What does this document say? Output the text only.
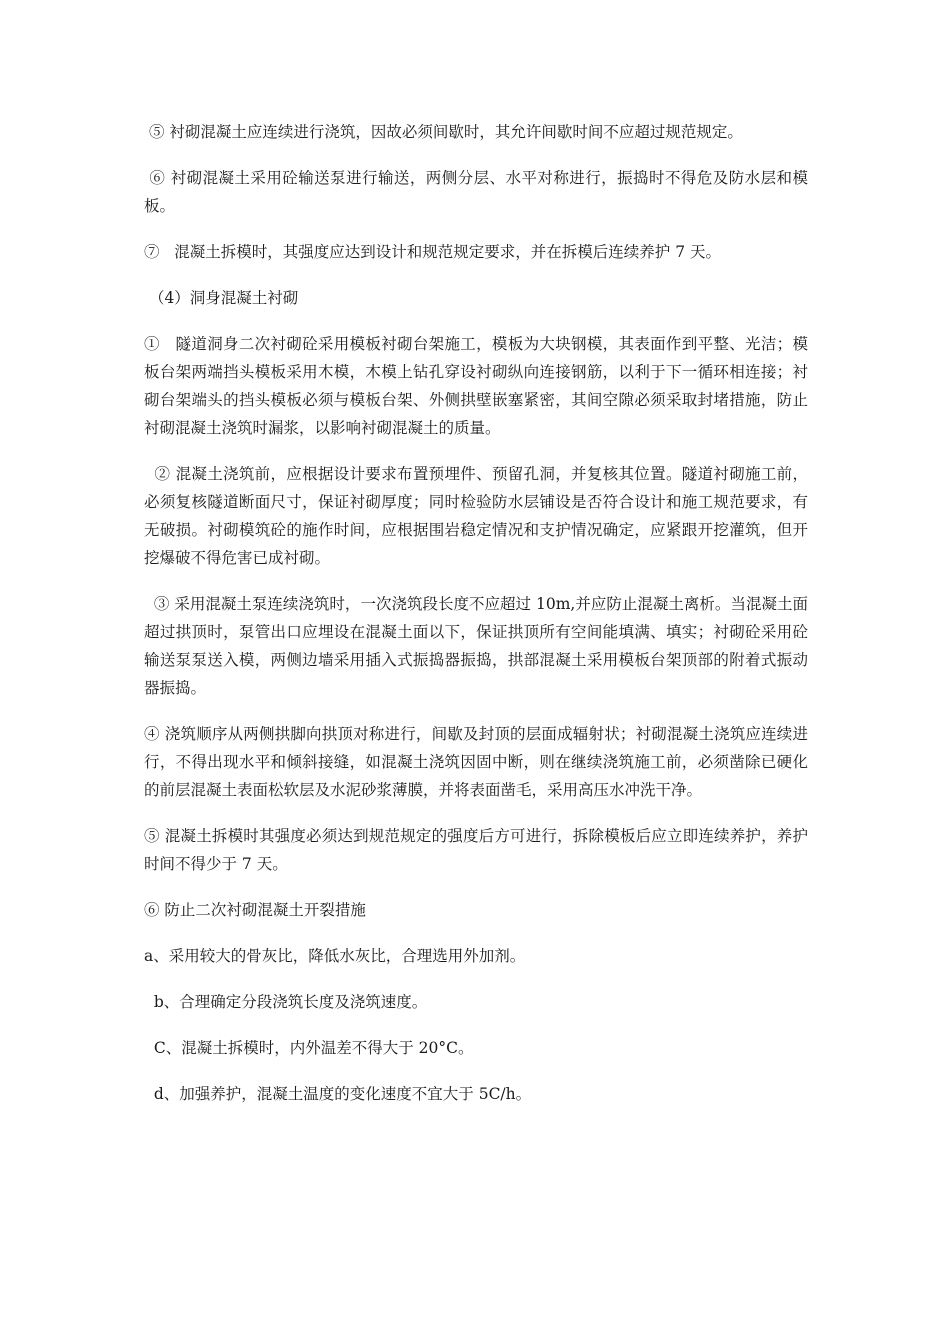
⑤ 衬砌混凝土应连续进行浇筑，因故必须间歇时，其允许间歇时间不应超过规范规定。

⑥ 衬砌混凝土采用砼输送泵进行输送，两侧分层、水平对称进行，振捣时不得危及防水层和模板。

⑦   混凝土拆模时，其强度应达到设计和规范规定要求，并在拆模后连续养护 7 天。

（4）洞身混凝土衬砌

①   隧道洞身二次衬砌砼采用模板衬砌台架施工，模板为大块钢模，其表面作到平整、光洁；模板台架两端挡头模板采用木模，木模上钻孔穿设衬砌纵向连接钢筋，以利于下一循环相连接；衬砌台架端头的挡头模板必须与模板台架、外侧拱壁嵌塞紧密，其间空隙必须采取封堵措施，防止衬砌混凝土浇筑时漏浆，以影响衬砌混凝土的质量。

② 混凝土浇筑前，应根据设计要求布置预埋件、预留孔洞，并复核其位置。隧道衬砌施工前，必须复核隧道断面尺寸，保证衬砌厚度；同时检验防水层铺设是否符合设计和施工规范要求，有无破损。衬砌模筑砼的施作时间，应根据围岩稳定情况和支护情况确定，应紧跟开挖灌筑，但开挖爆破不得危害已成衬砌。

③ 采用混凝土泵连续浇筑时，一次浇筑段长度不应超过 10m,并应防止混凝土离析。当混凝土面超过拱顶时，泵管出口应埋设在混凝土面以下，保证拱顶所有空间能填满、填实；衬砌砼采用砼输送泵泵送入模，两侧边墙采用插入式振捣器振捣，拱部混凝土采用模板台架顶部的附着式振动器振捣。

④ 浇筑顺序从两侧拱脚向拱顶对称进行，间歇及封顶的层面成辐射状；衬砌混凝土浇筑应连续进行，不得出现水平和倾斜接缝，如混凝土浇筑因固中断，则在继续浇筑施工前，必须凿除已硬化的前层混凝土表面松软层及水泥砂浆薄膜，并将表面凿毛，采用高压水冲洗干净。

⑤ 混凝土拆模时其强度必须达到规范规定的强度后方可进行，拆除模板后应立即连续养护，养护时间不得少于 7 天。

⑥ 防止二次衬砌混凝土开裂措施

a、采用较大的骨灰比，降低水灰比，合理选用外加剂。

b、合理确定分段浇筑长度及浇筑速度。

C、混凝土拆模时，内外温差不得大于 20°C。

d、加强养护，混凝土温度的变化速度不宜大于 5C/h。
